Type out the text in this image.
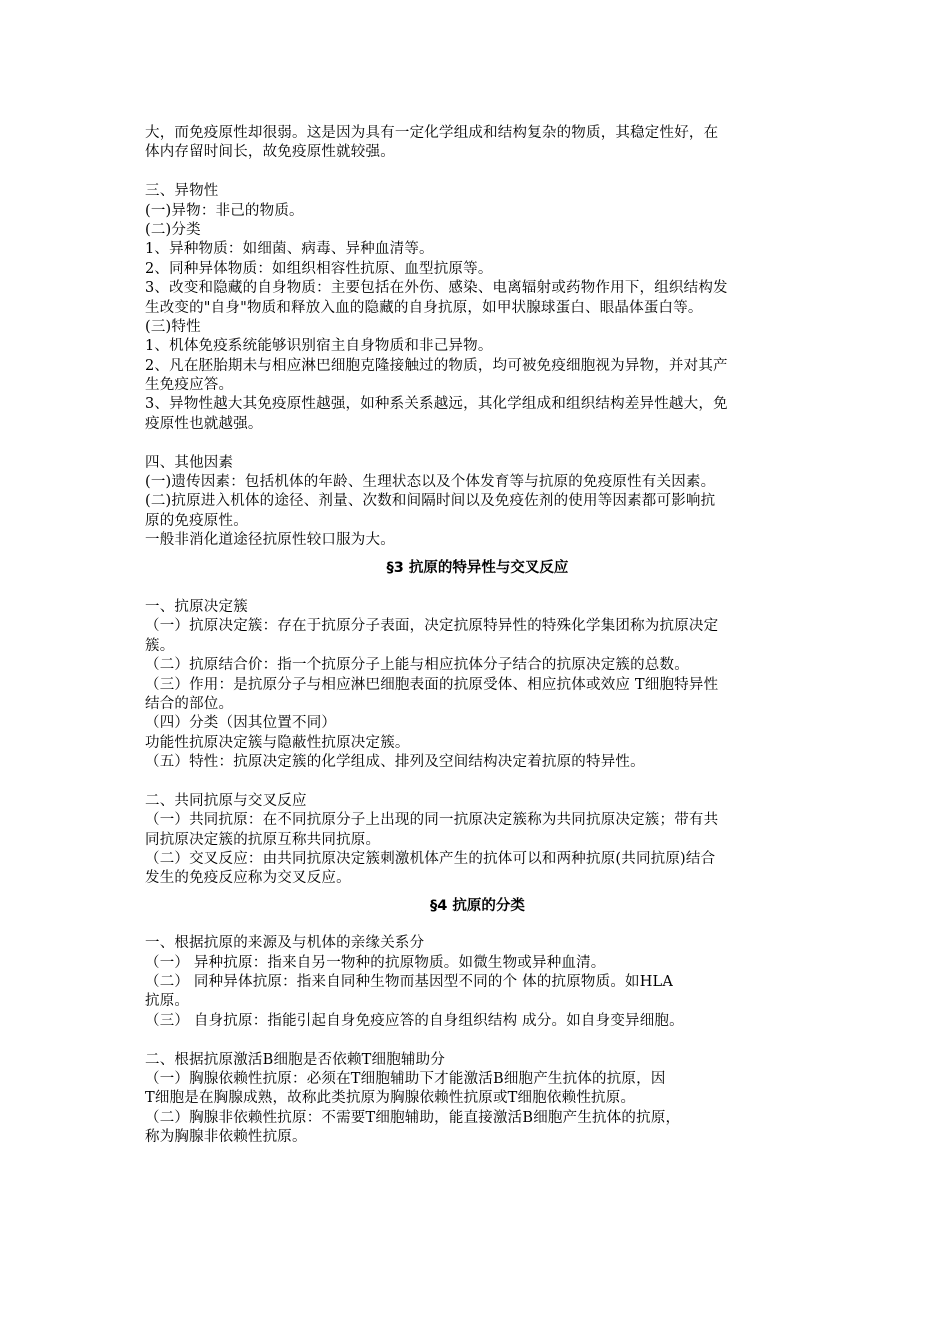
大，而免疫原性却很弱。这是因为具有一定化学组成和结构复杂的物质，其稳定性好，在
体内存留时间长，故免疫原性就较强。
三、异物性
(一)异物：非己的物质。
(二)分类
1、异种物质：如细菌、病毒、异种血清等。
2、同种异体物质：如组织相容性抗原、血型抗原等。
3、改变和隐藏的自身物质：主要包括在外伤、感染、电离辐射或药物作用下，组织结构发
生改变的"自身"物质和释放入血的隐藏的自身抗原，如甲状腺球蛋白、眼晶体蛋白等。
(三)特性
1、机体免疫系统能够识别宿主自身物质和非己异物。
2、凡在胚胎期未与相应淋巴细胞克隆接触过的物质，均可被免疫细胞视为异物，并对其产
生免疫应答。
3、异物性越大其免疫原性越强，如种系关系越远，其化学组成和组织结构差异性越大，免
疫原性也就越强。
四、其他因素
(一)遗传因素：包括机体的年龄、生理状态以及个体发育等与抗原的免疫原性有关因素。
(二)抗原进入机体的途径、剂量、次数和间隔时间以及免疫佐剂的使用等因素都可影响抗
原的免疫原性。
一般非消化道途径抗原性较口服为大。
§3 抗原的特异性与交叉反应
一、抗原决定簇
（一）抗原决定簇：存在于抗原分子表面，决定抗原特异性的特殊化学集团称为抗原决定
簇。
（二）抗原结合价：指一个抗原分子上能与相应抗体分子结合的抗原决定簇的总数。
（三）作用：是抗原分子与相应淋巴细胞表面的抗原受体、相应抗体或效应 T细胞特异性
结合的部位。
（四）分类（因其位置不同）
功能性抗原决定簇与隐蔽性抗原决定簇。
（五）特性：抗原决定簇的化学组成、排列及空间结构决定着抗原的特异性。
二、共同抗原与交叉反应
（一）共同抗原：在不同抗原分子上出现的同一抗原决定簇称为共同抗原决定簇；带有共
同抗原决定簇的抗原互称共同抗原。
（二）交叉反应：由共同抗原决定簇刺激机体产生的抗体可以和两种抗原(共同抗原)结合
发生的免疫反应称为交叉反应。
§4 抗原的分类
一、根据抗原的来源及与机体的亲缘关系分
（一） 异种抗原：指来自另一物种的抗原物质。如微生物或异种血清。
（二） 同种异体抗原：指来自同种生物而基因型不同的个 体的抗原物质。如HLA
抗原。
（三） 自身抗原：指能引起自身免疫应答的自身组织结构 成分。如自身变异细胞。
二、根据抗原激活B细胞是否依赖T细胞辅助分
（一）胸腺依赖性抗原：必须在T细胞辅助下才能激活B细胞产生抗体的抗原，因
T细胞是在胸腺成熟，故称此类抗原为胸腺依赖性抗原或T细胞依赖性抗原。
（二）胸腺非依赖性抗原：不需要T细胞辅助，能直接激活B细胞产生抗体的抗原，
称为胸腺非依赖性抗原。
